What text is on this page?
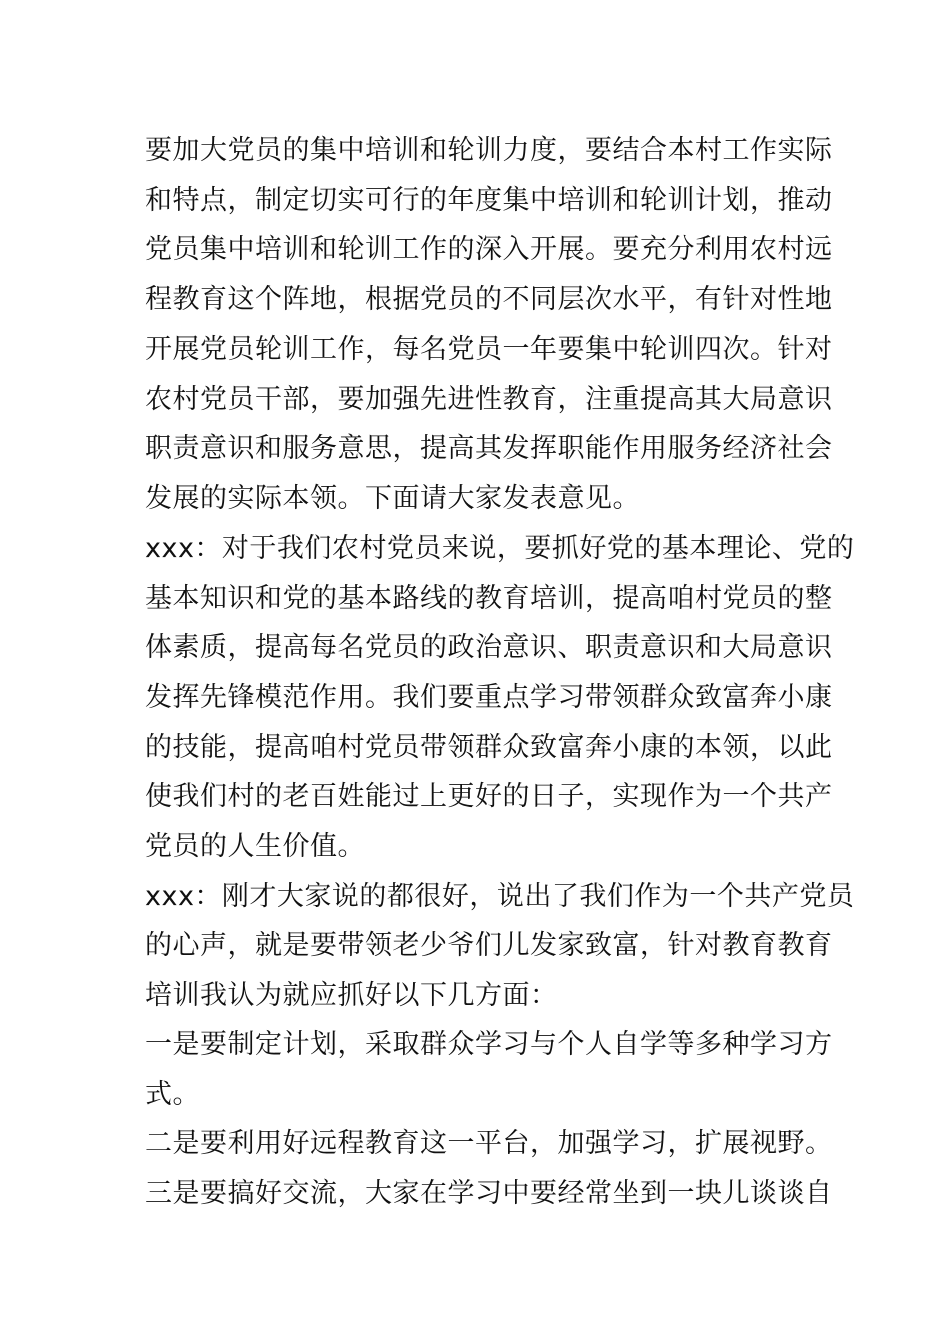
要加大党员的集中培训和轮训力度，要结合本村工作实际
和特点，制定切实可行的年度集中培训和轮训计划，推动
党员集中培训和轮训工作的深入开展。要充分利用农村远
程教育这个阵地，根据党员的不同层次水平，有针对性地
开展党员轮训工作，每名党员一年要集中轮训四次。针对
农村党员干部，要加强先进性教育，注重提高其大局意识
职责意识和服务意思，提高其发挥职能作用服务经济社会
发展的实际本领。下面请大家发表意见。
xxx：对于我们农村党员来说，要抓好党的基本理论、党的
基本知识和党的基本路线的教育培训，提高咱村党员的整
体素质，提高每名党员的政治意识、职责意识和大局意识
发挥先锋模范作用。我们要重点学习带领群众致富奔小康
的技能，提高咱村党员带领群众致富奔小康的本领，以此
使我们村的老百姓能过上更好的日子，实现作为一个共产
党员的人生价值。
xxx：刚才大家说的都很好，说出了我们作为一个共产党员
的心声，就是要带领老少爷们儿发家致富，针对教育教育
培训我认为就应抓好以下几方面：
一是要制定计划，采取群众学习与个人自学等多种学习方
式。
二是要利用好远程教育这一平台，加强学习，扩展视野。
三是要搞好交流，大家在学习中要经常坐到一块儿谈谈自
